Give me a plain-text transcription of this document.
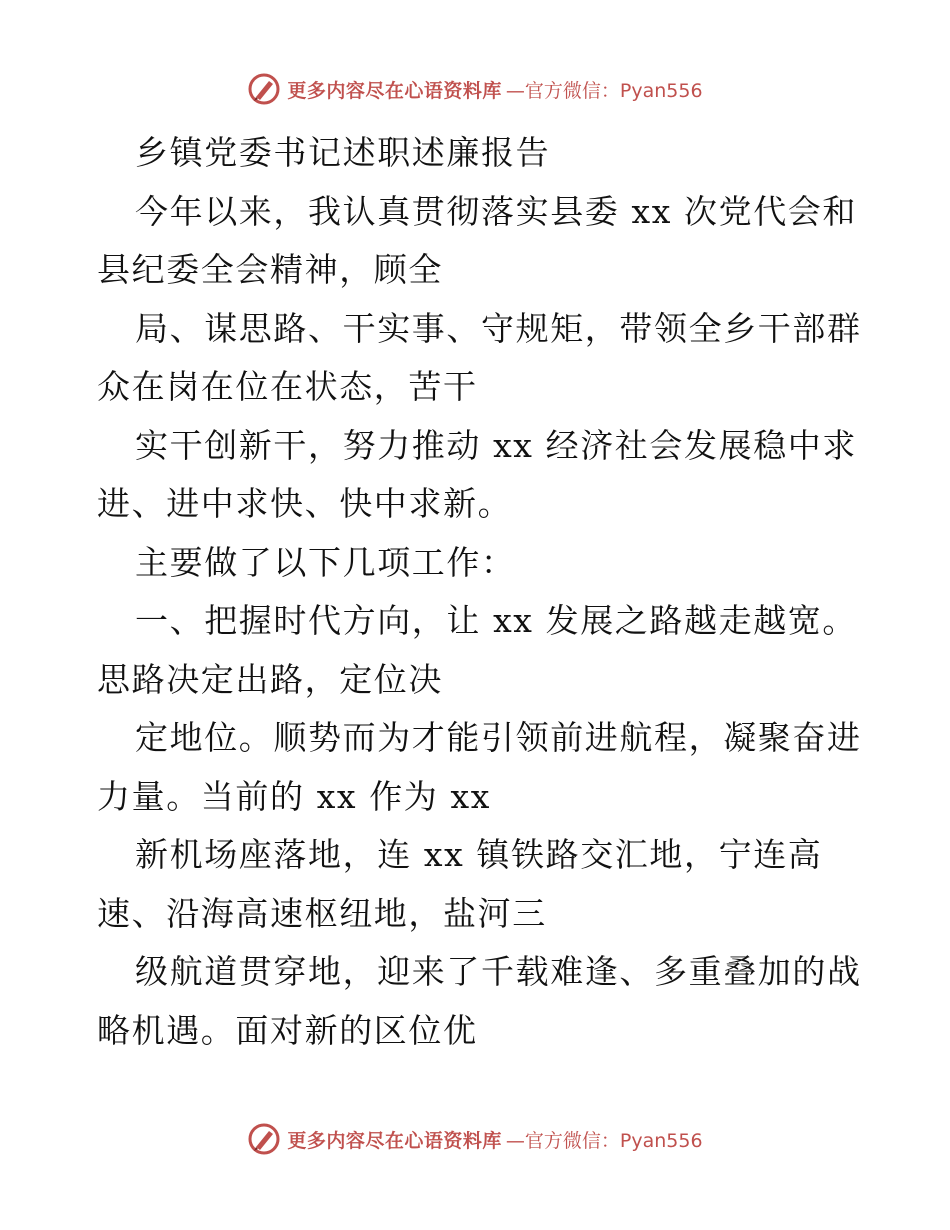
更多内容尽在心语资料库 —官方微信：Pyan556
乡镇党委书记述职述廉报告
今年以来，我认真贯彻落实县委 xx 次党代会和
县纪委全会精神，顾全
局、谋思路、干实事、守规矩，带领全乡干部群
众在岗在位在状态，苦干
实干创新干，努力推动 xx 经济社会发展稳中求
进、进中求快、快中求新。
主要做了以下几项工作：
一、把握时代方向，让 xx 发展之路越走越宽。
思路决定出路，定位决
定地位。顺势而为才能引领前进航程，凝聚奋进
力量。当前的 xx 作为 xx
新机场座落地，连 xx 镇铁路交汇地，宁连高
速、沿海高速枢纽地，盐河三
级航道贯穿地，迎来了千载难逢、多重叠加的战
略机遇。面对新的区位优
更多内容尽在心语资料库 —官方微信：Pyan556
